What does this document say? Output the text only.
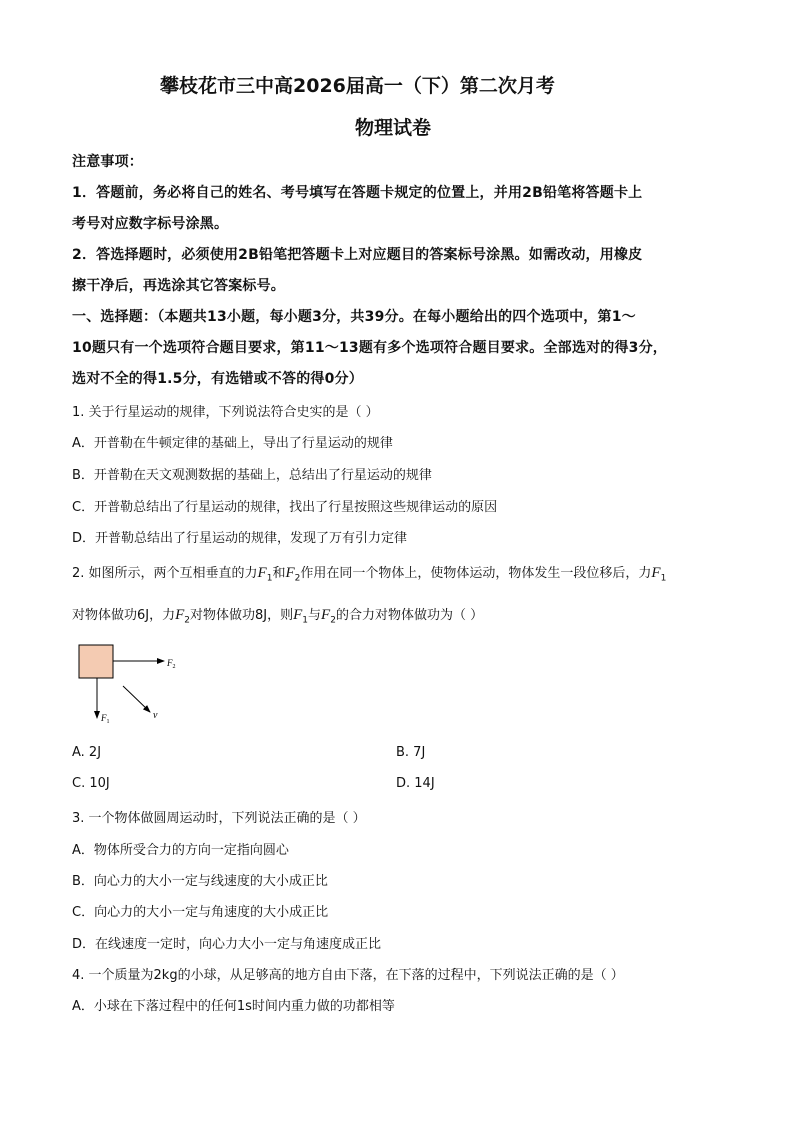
攀枝花市三中高2026届高一（下）第二次月考
物理试卷
注意事项：
1．答题前，务必将自己的姓名、考号填写在答题卡规定的位置上，并用2B铅笔将答题卡上
考号对应数字标号涂黑。
2．答选择题时，必须使用2B铅笔把答题卡上对应题目的答案标号涂黑。如需改动，用橡皮
擦干净后，再选涂其它答案标号。
一、选择题：（本题共13小题，每小题3分，共39分。在每小题给出的四个选项中，第1～
10题只有一个选项符合题目要求，第11～13题有多个选项符合题目要求。全部选对的得3分，
选对不全的得1.5分，有选错或不答的得0分）
1. 关于行星运动的规律，下列说法符合史实的是（ ）
A．开普勒在牛顿定律的基础上，导出了行星运动的规律
B．开普勒在天文观测数据的基础上，总结出了行星运动的规律
C．开普勒总结出了行星运动的规律，找出了行星按照这些规律运动的原因
D．开普勒总结出了行星运动的规律，发现了万有引力定律
2. 如图所示，两个互相垂直的力$F_1$和$F_2$作用在同一个物体上，使物体运动，物体发生一段位移后，力$F_1$
对物体做功6J，力$F_2$对物体做功8J，则$F_1$与$F_2$的合力对物体做功为（ ）
$F_2$
$F_1$
v
A. 2J	B. 7J
C. 10J	D. 14J
3. 一个物体做圆周运动时，下列说法正确的是（ ）
A．物体所受合力的方向一定指向圆心
B．向心力的大小一定与线速度的大小成正比
C．向心力的大小一定与角速度的大小成正比
D．在线速度一定时，向心力大小一定与角速度成正比
4. 一个质量为2kg的小球，从足够高的地方自由下落，在下落的过程中，下列说法正确的是（ ）
A．小球在下落过程中的任何1s时间内重力做的功都相等
